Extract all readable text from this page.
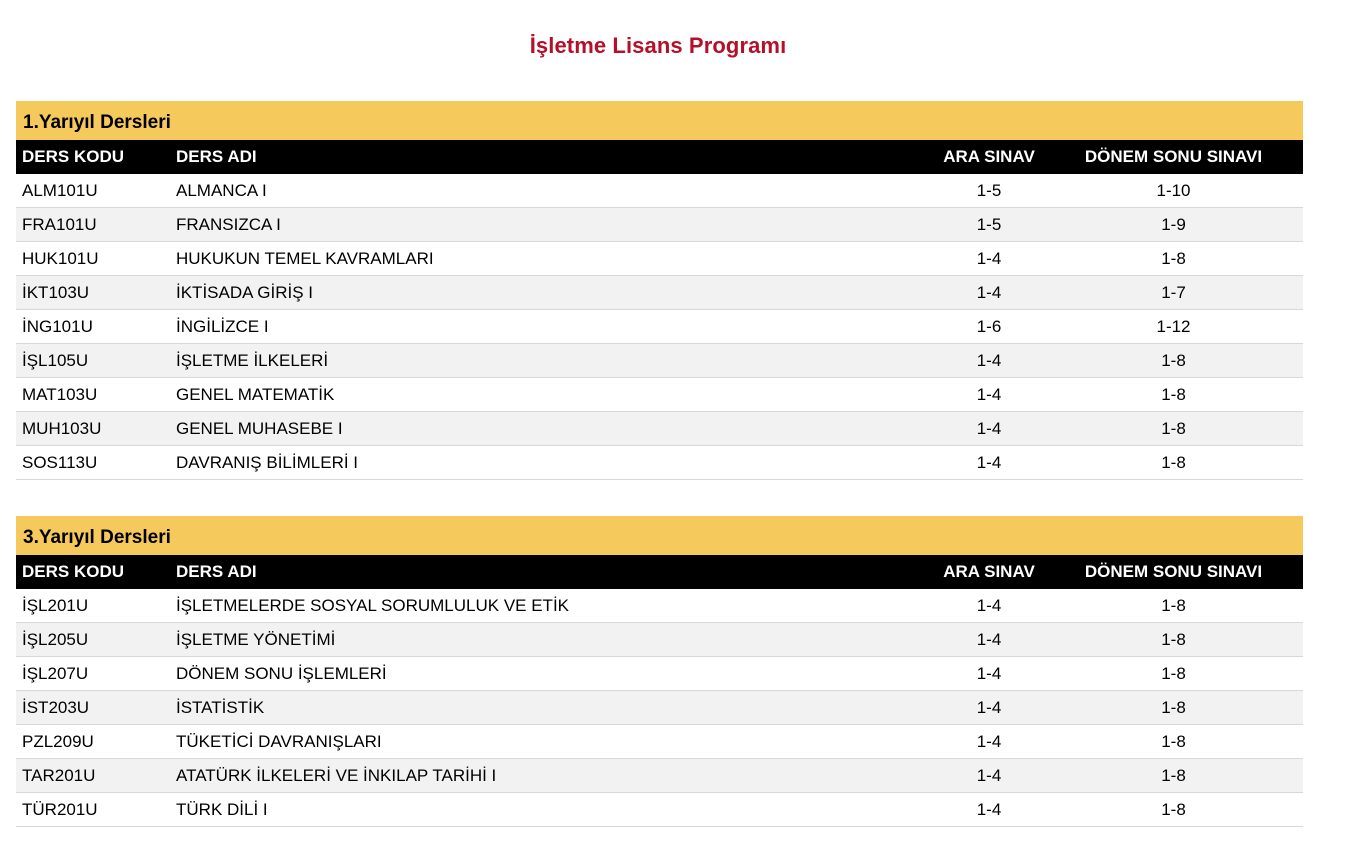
İşletme Lisans Programı
1.Yarıyıl Dersleri
DERS KODU	DERS ADI	ARA SINAV	DÖNEM SONU SINAVI
ALM101U	ALMANCA I	1-5	1-10
FRA101U	FRANSIZCA I	1-5	1-9
HUK101U	HUKUKUN TEMEL KAVRAMLARI	1-4	1-8
İKT103U	İKTİSADA GİRİŞ I	1-4	1-7
İNG101U	İNGİLİZCE I	1-6	1-12
İŞL105U	İŞLETME İLKELERİ	1-4	1-8
MAT103U	GENEL MATEMATİK	1-4	1-8
MUH103U	GENEL MUHASEBE I	1-4	1-8
SOS113U	DAVRANIŞ BİLİMLERİ I	1-4	1-8
3.Yarıyıl Dersleri
DERS KODU	DERS ADI	ARA SINAV	DÖNEM SONU SINAVI
İŞL201U	İŞLETMELERDE SOSYAL SORUMLULUK VE ETİK	1-4	1-8
İŞL205U	İŞLETME YÖNETİMİ	1-4	1-8
İŞL207U	DÖNEM SONU İŞLEMLERİ	1-4	1-8
İST203U	İSTATİSTİK	1-4	1-8
PZL209U	TÜKETİCİ DAVRANIŞLARI	1-4	1-8
TAR201U	ATATÜRK İLKELERİ VE İNKILAP TARİHİ I	1-4	1-8
TÜR201U	TÜRK DİLİ I	1-4	1-8
